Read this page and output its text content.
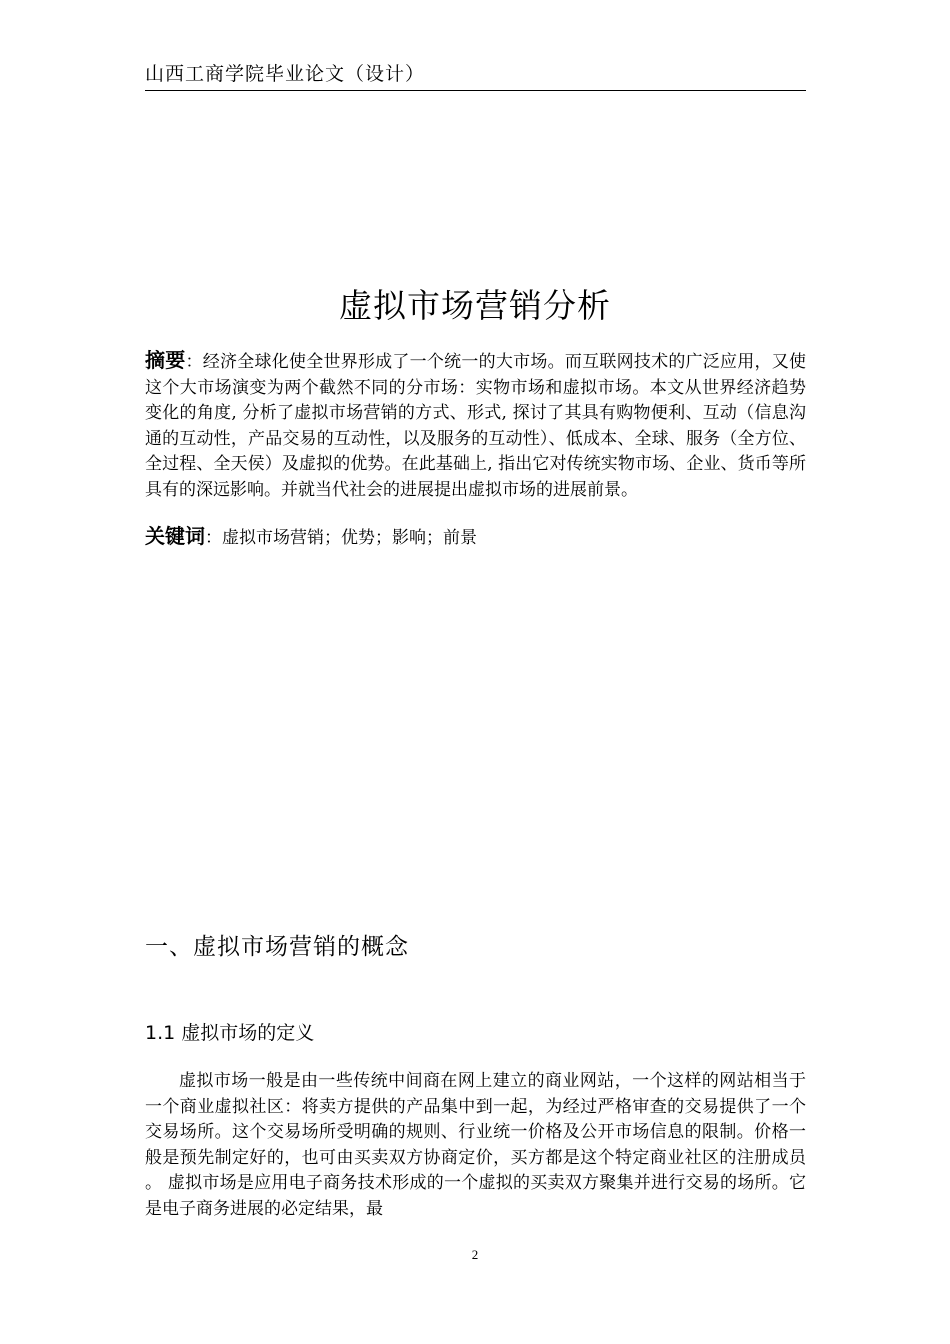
山西工商学院毕业论文（设计）
虚拟市场营销分析
摘要：经济全球化使全世界形成了一个统一的大市场。而互联网技术的广泛应用，又使这个大市场演变为两个截然不同的分市场：实物市场和虚拟市场。本文从世界经济趋势变化的角度, 分析了虚拟市场营销的方式、形式, 探讨了其具有购物便利、互动（信息沟通的互动性，产品交易的互动性，以及服务的互动性）、低成本、全球、服务（全方位、全过程、全天侯）及虚拟的优势。在此基础上, 指出它对传统实物市场、企业、货币等所具有的深远影响。并就当代社会的进展提出虚拟市场的进展前景。
关键词：虚拟市场营销；优势；影响；前景
一、虚拟市场营销的概念
1.1 虚拟市场的定义
虚拟市场一般是由一些传统中间商在网上建立的商业网站，一个这样的网站相当于一个商业虚拟社区：将卖方提供的产品集中到一起，为经过严格审查的交易提供了一个交易场所。这个交易场所受明确的规则、行业统一价格及公开市场信息的限制。价格一般是预先制定好的，也可由买卖双方协商定价，买方都是这个特定商业社区的注册成员 。 虚拟市场是应用电子商务技术形成的一个虚拟的买卖双方聚集并进行交易的场所。它是电子商务进展的必定结果，最
2
